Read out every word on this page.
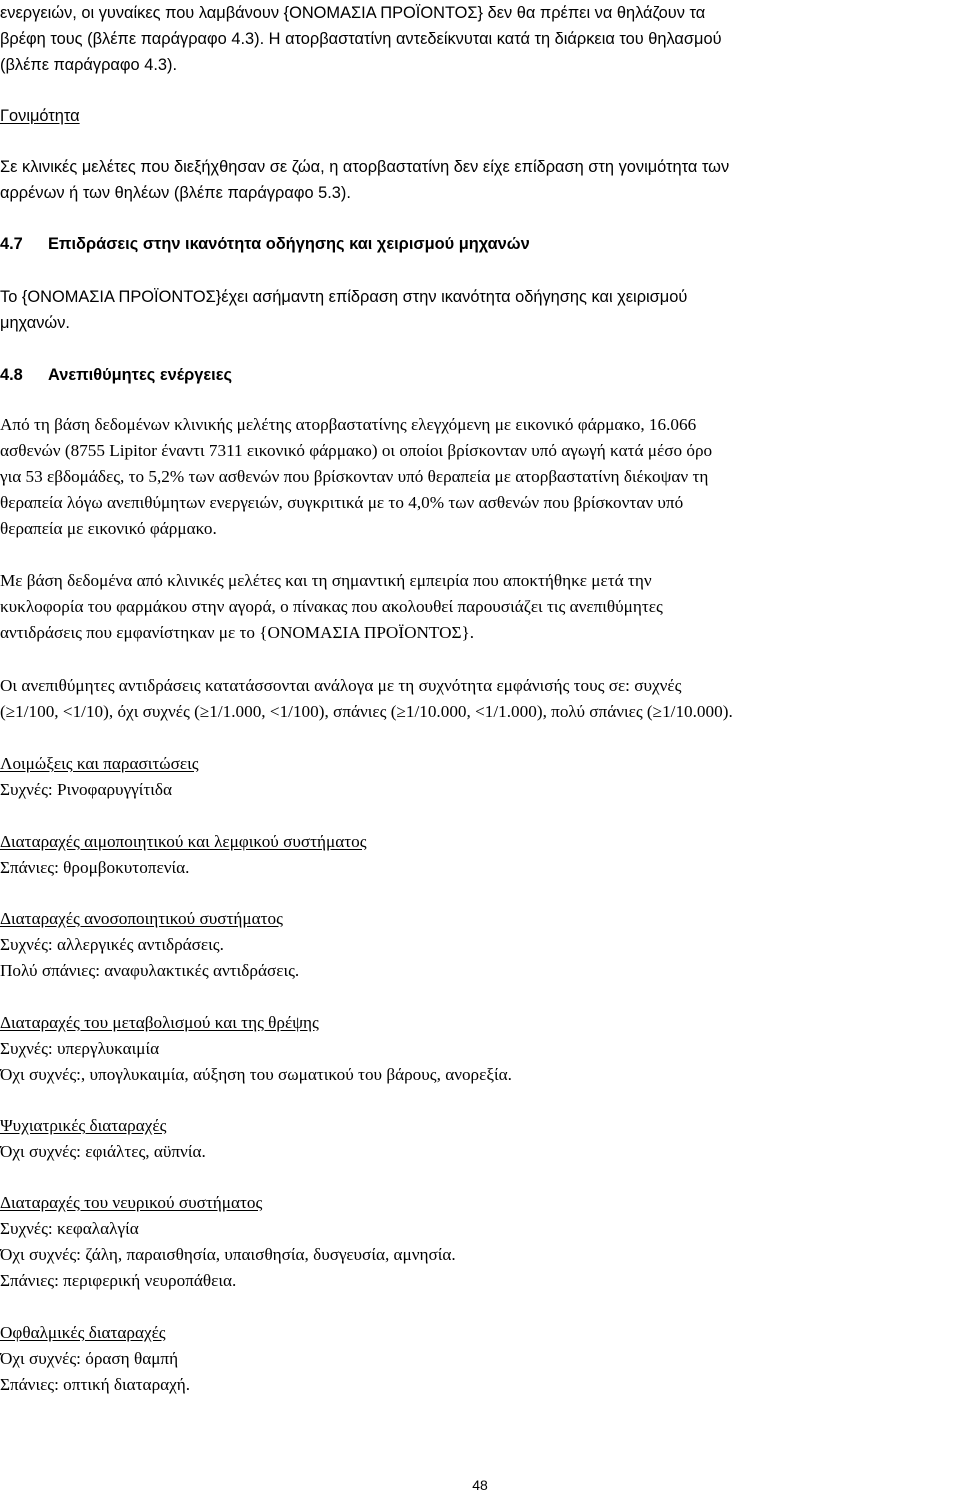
ενεργειών, οι γυναίκες που λαμβάνουν {ΟΝΟΜΑΣΙΑ ΠΡΟΪΟΝΤΟΣ} δεν θα πρέπει να θηλάζουν τα
βρέφη τους (βλέπε παράγραφο 4.3). Η ατορβαστατίνη αντεδείκνυται κατά τη διάρκεια του θηλασμού
(βλέπε παράγραφο 4.3).
Γονιμότητα
Σε κλινικές μελέτες που διεξήχθησαν σε ζώα, η ατορβαστατίνη δεν είχε επίδραση στη γονιμότητα των
αρρένων ή των θηλέων (βλέπε παράγραφο 5.3).
4.7 Επιδράσεις στην ικανότητα οδήγησης και χειρισμού μηχανών
Το {ΟΝΟΜΑΣΙΑ ΠΡΟΪΟΝΤΟΣ}έχει ασήμαντη επίδραση στην ικανότητα οδήγησης και χειρισμού
μηχανών.
4.8 Ανεπιθύμητες ενέργειες
Από τη βάση δεδομένων κλινικής μελέτης ατορβαστατίνης ελεγχόμενη με εικονικό φάρμακο, 16.066
ασθενών (8755 Lipitor έναντι 7311 εικονικό φάρμακο) οι οποίοι βρίσκονταν υπό αγωγή κατά μέσο όρο
για 53 εβδομάδες, το 5,2% των ασθενών που βρίσκονταν υπό θεραπεία με ατορβαστατίνη διέκοψαν τη
θεραπεία λόγω ανεπιθύμητων ενεργειών, συγκριτικά με το 4,0% των ασθενών που βρίσκονταν υπό
θεραπεία με εικονικό φάρμακο.
Με βάση δεδομένα από κλινικές μελέτες και τη σημαντική εμπειρία που αποκτήθηκε μετά την
κυκλοφορία του φαρμάκου στην αγορά, ο πίνακας που ακολουθεί παρουσιάζει τις ανεπιθύμητες
αντιδράσεις που εμφανίστηκαν με το {ΟΝΟΜΑΣΙΑ ΠΡΟΪΟΝΤΟΣ}.
Οι ανεπιθύμητες αντιδράσεις κατατάσσονται ανάλογα με τη συχνότητα εμφάνισής τους σε: συχνές
(≥1/100, <1/10), όχι συχνές (≥1/1.000, <1/100), σπάνιες (≥1/10.000, <1/1.000), πολύ σπάνιες (≥1/10.000).
Λοιμώξεις και παρασιτώσεις
Συχνές: Ρινοφαρυγγίτιδα
Διαταραχές αιμοποιητικού και λεμφικού συστήματος
Σπάνιες: θρομβοκυτοπενία.
Διαταραχές ανοσοποιητικού συστήματος
Συχνές: αλλεργικές αντιδράσεις.
Πολύ σπάνιες: αναφυλακτικές αντιδράσεις.
Διαταραχές του μεταβολισμού και της θρέψης
Συχνές: υπεργλυκαιμία
Όχι συχνές:, υπογλυκαιμία, αύξηση του σωματικού του βάρους, ανορεξία.
Ψυχιατρικές διαταραχές
Όχι συχνές: εφιάλτες, αϋπνία.
Διαταραχές του νευρικού συστήματος
Συχνές: κεφαλαλγία
Όχι συχνές: ζάλη, παραισθησία, υπαισθησία, δυσγευσία, αμνησία.
Σπάνιες: περιφερική νευροπάθεια.
Οφθαλμικές διαταραχές
Όχι συχνές: όραση θαμπή
Σπάνιες: οπτική διαταραχή.
48
